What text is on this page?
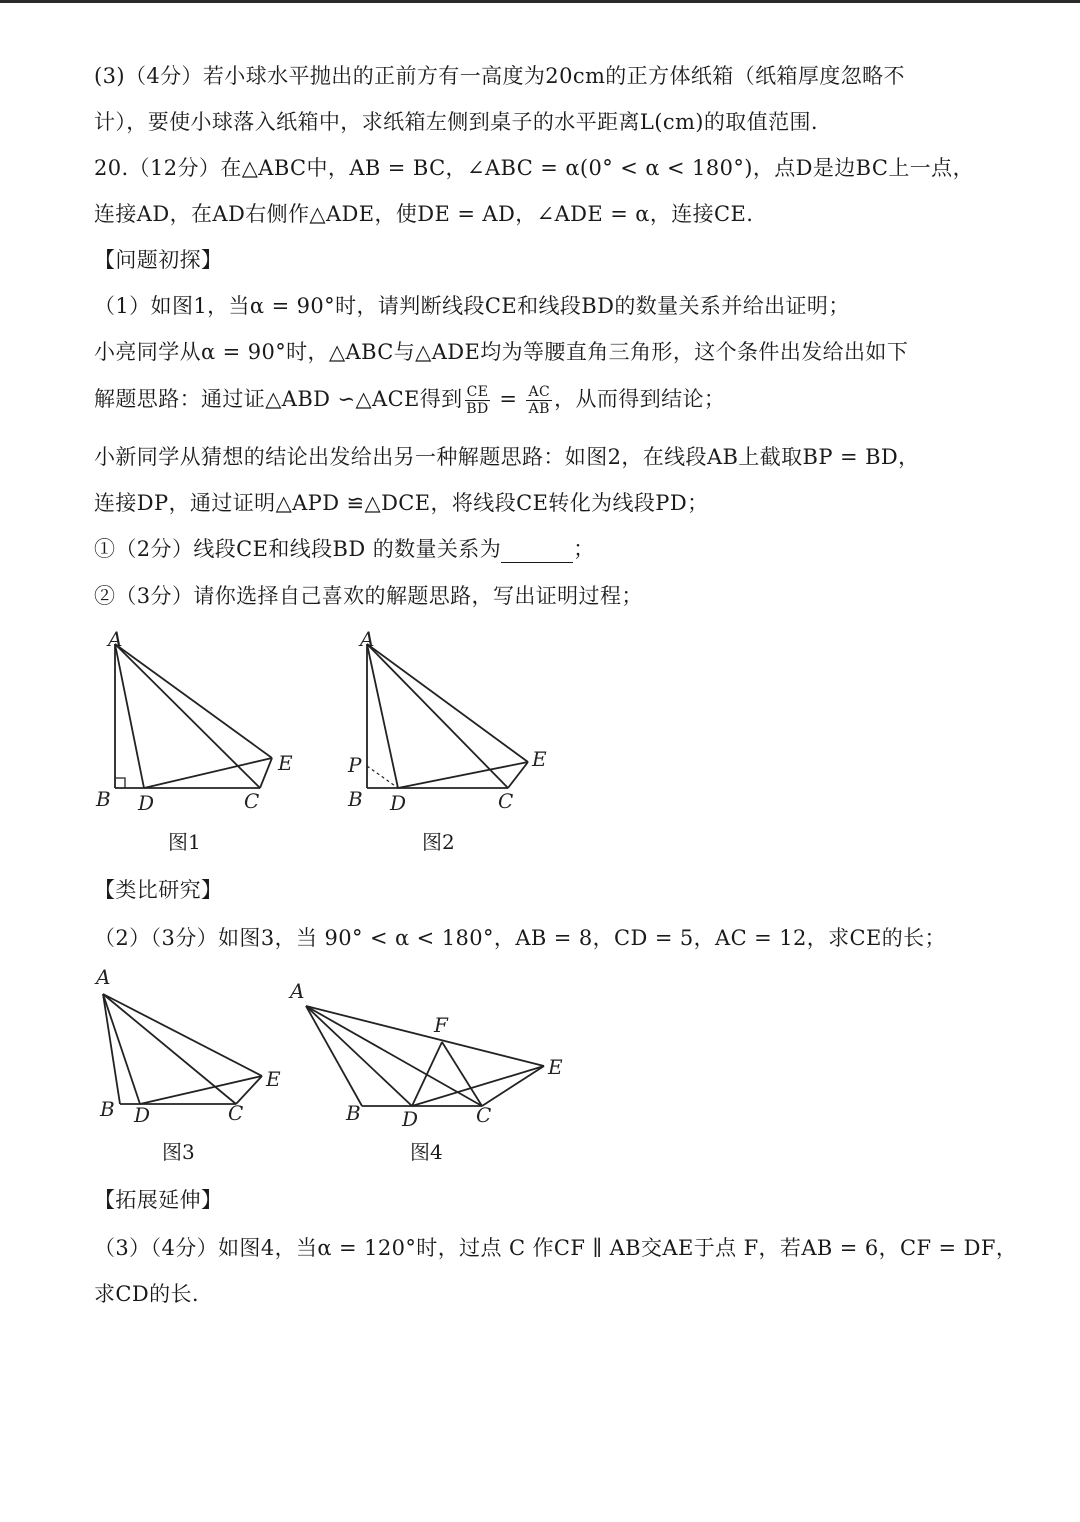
(3)（4分）若小球水平抛出的正前方有一高度为20cm的正方体纸箱（纸箱厚度忽略不
计），要使小球落入纸箱中，求纸箱左侧到桌子的水平距离L(cm)的取值范围.
20.（12分）在△ABC中，AB = BC，∠ABC = α(0° < α < 180°)，点D是边BC上一点，
连接AD，在AD右侧作△ADE，使DE = AD，∠ADE = α，连接CE.
【问题初探】
（1）如图1，当α = 90°时，请判断线段CE和线段BD的数量关系并给出证明；
小亮同学从α = 90°时，△ABC与△ADE均为等腰直角三角形，这个条件出发给出如下
解题思路：通过证△ABD ∽△ACE得到 $\frac{CE}{BD} = \frac{AC}{AB}$ ，从而得到结论；
小新同学从猜想的结论出发给出另一种解题思路：如图2，在线段AB上截取BP = BD，
连接DP，通过证明△APD ≌△DCE，将线段CE转化为线段PD；
①（2分）线段CE和线段BD 的数量关系为	；
②（3分）请你选择自己喜欢的解题思路，写出证明过程；
A
B D	C
E
图1
A
P
B D	C
E
图2
【类比研究】
（2）（3分）如图3，当 90° < α < 180°，AB = 8，CD = 5，AC = 12，求CE的长；
A
B D	C
E
图3
A
F
E
B D	C
图4
【拓展延伸】
（3）（4分）如图4，当α = 120°时，过点 C 作CF ∥ AB交AE于点 F，若AB = 6，CF = DF，
求CD的长.
